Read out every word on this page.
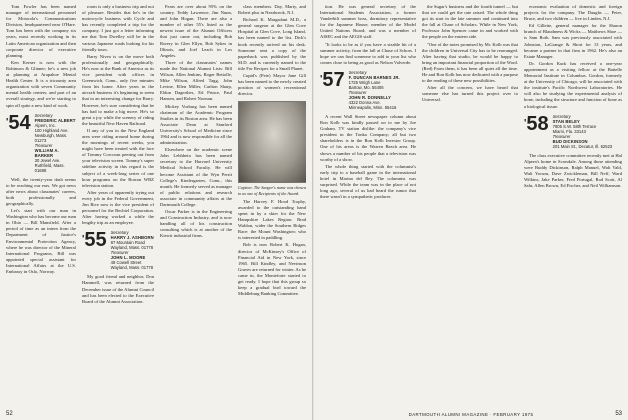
Tom Fowler has been named manager of international personnel for Motorola's Communications Division, headquartered near O'Hare. Tom has been with the company six years, most recently working in its Latin American organization and then corporate director of executive planning.

Ken Kerner is now with the Robinson & Glinner; he's a new job at planning at Arapahoe Mental Health Center. It is a tricounty area organization with seven Community mental health centers; and part of an overall strategy, and we're starting to spin off quite a new kind of work.

'54 Secretary
FREDERIC ALBERT
Alpern, Inc.
100 Highland Ave.
Newburgh, Mass. 01273
Treasurer
WILLIAM A. BARKER
30 Jewel Ave.
Ruthfield, Mass. 01688

Well, the twenty-year dash seems to be reaching our ears. We got news after news about classmates' careers, both professionally and geographically.

Let's start with our man in Washington who has become our man in Ohio — Bill Mansfield. After a period of time as an intern from the Department of Justice's Environmental Protection Agency, where he was director of the Mineral International Programs, Bill was appointed special assistant for International Affairs at the U.S. Embassy in Oslo, Norway.

room is only a business trip and not of pleasure. Besides that he's in the motorcycle business with Cycle and has recently completed a trip for the company. I just got a letter informing me that Tom Dwelley will be in the various Japanese roads looking for his friendly tours.

Barry Nivea is on the move both professionally and geographically. He's now at the Bank of America as its vice president with offices in Greenwich, Conn., only five minutes from his home. After years in the aircraft business it's beginning to seem that in an interesting change for Barry. However, he's sure considering that he has had to make a big move. He's so great a joy while the scenery of riding the beautiful New Haven Railroad.

If any of you in the New England area were riding around home during the mornings of recent weeks, you might have been treated with the face of Tommy Corcoran peering out from your television screen. Tommy's super sideline activity in this regard is the subject of a week-long series of one hour programs on the Boston WBZ television station.

After years of apparently trying out every job in the Federal Government, Jim Rice now is the vice president of personnel for the Bechtel Corporation. After having worked a while the lengthy trip as an employee.

'55 Secretary
HARRY J. ASHBORN
87 Mountain Road
Wayland, Mass. 01778
Treasurer
JOHN L. MOORE
48 Cowell Street
Wayland, Mass. 01778

My good friend and neighbor, Don Hammell, was returned from the December issue of the Alumni Council and has been elected to the Executive Board of the Alumni Association.

Fears are over about 95% on the country. Teddy Lawrence, Jim Nunn, and John Hogan. There are also a number of other 55's listed as the newest issue of the Alumni Officers that just came out, including Bob Rorery in Glen Ellyn, Bob Sykes in Illinois, and Joel Leach in Los Angeles.

Three of the classmates' names made the National Alumni Lists: Bill Wilson, Allen Jenkins, Roger Bettolle, Mike Wilson, Alfred Tagg, John Levine, Ellen Miller, Carlton Sharp, Eldon Dagerthes, Ed Prince, Paul Hansen, and Robert Noonan.

Mickey Vosburg has been named chairman of the Academic Program Studies in its Boston area. He has been Associate Dean at Stanford University's School of Medicine since 1964 and is now responsible for all the administration.

Elsewhere on the academic scene John Lebhhein has been named secretary to the Harvard University Medical School Faculty. He will become Assistant of the Wyn Perrit College's Kindergarten, Conn., this month. He formerly served as manager of public relations and research associate in community affairs at the Dartmouth College.

Oscar Parker is in the Engineering and Construction Industry, and is now handling all of his construction consulting which is at another of the Kiewit industrial firms.

class members. Day, Marty, and Robert plus in Nearbrook, N.J.

Richard K. Margadant M.D., a general surgeon at the Glen Cove Hospital at Glen Cove, Long Island, has been named to the list. Dick's book recently arrived on his desk. Someone sent a copy of the paperback was published by the M.D. and is currently named to the title For Recipes for a Small Planet.

Cupid's (Pete) Mayor Jane Gill has been named to the newly created position of women's recreational director.

Caption: The Sanger's name was chosen to as one of Recipients of the Award.

The Harvey F. Hood Trophy, awarded to the outstanding hand spent in by a skier for the New Hampshire Lakes Region. Brad Waldon, wider the Southern Ridges Race: the Mount Washington: who is interested in paddling.

Bob is now Robert K. Hogan, director of McKinsey's Office of Financial Aid in New York, since 1965. Bill Kindley, and Nevinson Graves are returned for winter. As he came in, the Monteforte started to get ready. I hope that this group so keep a gradual bird toward the Middleburg Banking Committee.

52

tion. He was general secretary of the International Students Association, a former Vanderbilt summer boss, dormitory representative for the Japanese House; member of the Model United Nations Board; and was a member of AISEC and the AEGIS staff.

"It looks to be as if you have a sizable bit of a summer activity, from the fall at Chase of Schors. I hope we can find someone to add to your list who comes close to being as good as Nelson Valverde.

'57 Secretary
F. DUNCAN BARNES JR.
1725 Wrigh Lane
Bartow, Mo. 55406
Treasurer
JOHN R. DONNELLY
4322 Donna Ave.
Minneapolis, Minn. 55416

A recent Wall Street newspaper column about Ron Kolb was kindly passed on to me by Joe Graham. TV station dislike: the company's vice president in the Tonka Company; all but two shareholders is in the Ron Kolb Investor Group. One of his areas is the Warren Beach area. He shows a number of his people that a television was worthy of a show.

The whole thing started with the columnist's early trip to a baseball game in the international hotel in Marina del Rey. The columnist was surprised. While the team was in the place of not long ago, several of us had heard the rumor that there wasn't in a sympathetic producer.

the Sugar's business and the fourth tunnel — but that we could get the rate raised. The whole thing got its start in the late summer and continued into the fall at Chase of Scholars. While in New York, Professor John Spencer came in and worked with the people on the eastern side.

"One of the notes promised by Mr. Kolb was that the children in Universal City has to be rearranged. After having that studio, he would be happy to bring an important financial proportion of the Word. (Red) From them, it has been all quiet all the time. He and Ron Kolb has now dedicated with a purpose to the reading of these new possibilities.

After all the concern, we have heard that someone else has turned this project over to Universal.

economic evaluation of domestic and foreign projects for the company. The Daughs — Peter, Bruce, and two children — live in Linden, N.J.

Ed Gillette, general manager for the Sharon branch of Blauthness & Wicks — Matthews Shoe — is Sam Roth. Sam was previously associated with Johnston, LaGrange & Short for 13 years, and became a partner in that firm in 1962. He's also an Estate Manager.

Dr. Gordon Kurk has received a one-year appointment as a visiting fellow at the Battelle Memorial Institute in Columbus. Gordon, formerly at the University of Chicago, will be associated with the institute's Pacific Northwest Laboratories. He will also be studying the experimental analysis of bone, including the structure and function of bone as a biological tissue.

'58 Secretary
STAN BELEY
7805 S.W. 58th Terrace
Miami, Fla. 33143
Treasurer
BUD DICKINSON
201 Main St., Decatur, Ill. 62523

The class executive committee recently met at Hal Alpern's home in Scarsdale. Among those attending were Buddy Dickinson, Ralph Manuel, Walt Vald, Walt Yocum, Dave Zwickleman, Bill Neff, Ward Wilkins, Jake Parker, Fred Portugal, Rod Scott, Al Sahr, Allen Brown, Ed Fischer, and Neil Williamson.

DARTMOUTH ALUMNI MAGAZINE · FEBRUARY 1975	53
